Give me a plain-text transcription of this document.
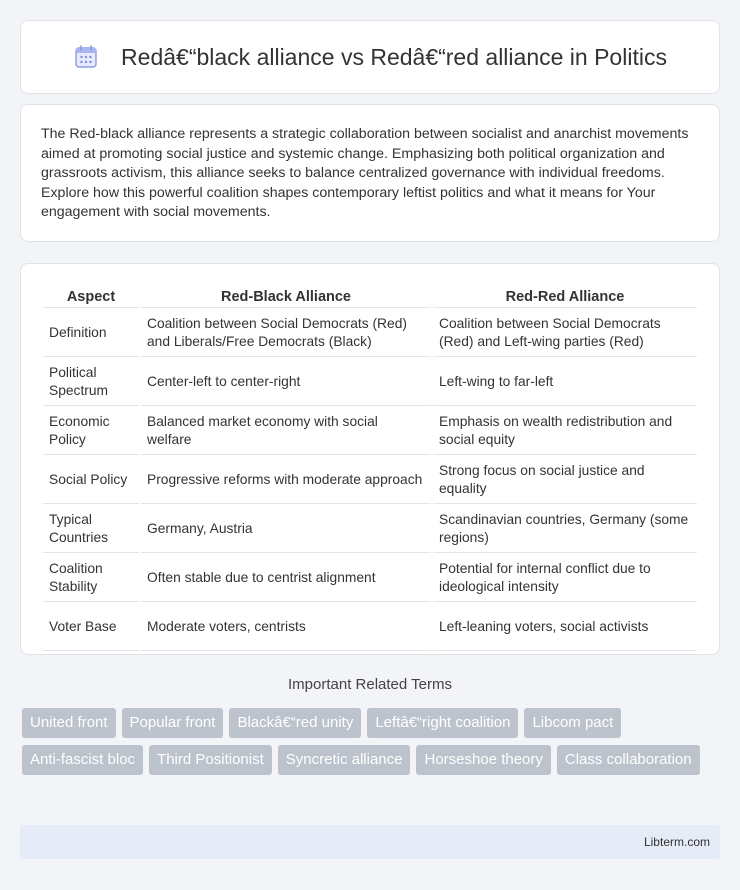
Redâ€“black alliance vs Redâ€“red alliance in Politics

The Red-black alliance represents a strategic collaboration between socialist and anarchist movements aimed at promoting social justice and systemic change. Emphasizing both political organization and grassroots activism, this alliance seeks to balance centralized governance with individual freedoms. Explore how this powerful coalition shapes contemporary leftist politics and what it means for Your engagement with social movements.

Aspect	Red-Black Alliance	Red-Red Alliance
Definition	Coalition between Social Democrats (Red) and Liberals/Free Democrats (Black)	Coalition between Social Democrats (Red) and Left-wing parties (Red)
Political Spectrum	Center-left to center-right	Left-wing to far-left
Economic Policy	Balanced market economy with social welfare	Emphasis on wealth redistribution and social equity
Social Policy	Progressive reforms with moderate approach	Strong focus on social justice and equality
Typical Countries	Germany, Austria	Scandinavian countries, Germany (some regions)
Coalition Stability	Often stable due to centrist alignment	Potential for internal conflict due to ideological intensity
Voter Base	Moderate voters, centrists	Left-leaning voters, social activists
Important Related Terms
United front	Popular front	Blackâ€“red unity	Leftâ€“right coalition	Libcom pact
Anti-fascist bloc	Third Positionist	Syncretic alliance	Horseshoe theory	Class collaboration
Libterm.com
